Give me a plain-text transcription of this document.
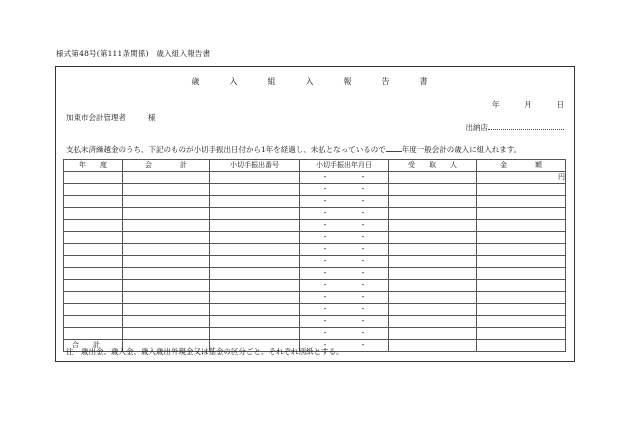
様式第48号(第111条関係)　歳入組入報告書
歳　入　組　入　報　告　書
年	月	日
加東市会計管理者	様
出納店
支払未済繰越金のうち、下記のものが小切手振出日付から1年を経過し、未払となっているので 年度一般会計の歳入に組入れます。
年　　度	会　　　　計	小切手振出番号	小切手振出年月日	受　　取　　人	金　　　　額
			・ ・		円
			・ ・		
			・ ・		
			・ ・		
			・ ・		
			・ ・		
			・ ・		
			・ ・		
			・ ・		
			・ ・		
			・ ・		
			・ ・		
			・ ・		
			・ ・		
合計			・ ・		
注　歳出金、歳入金、歳入歳出外現金又は基金の区分ごと、それぞれ別紙とする。
